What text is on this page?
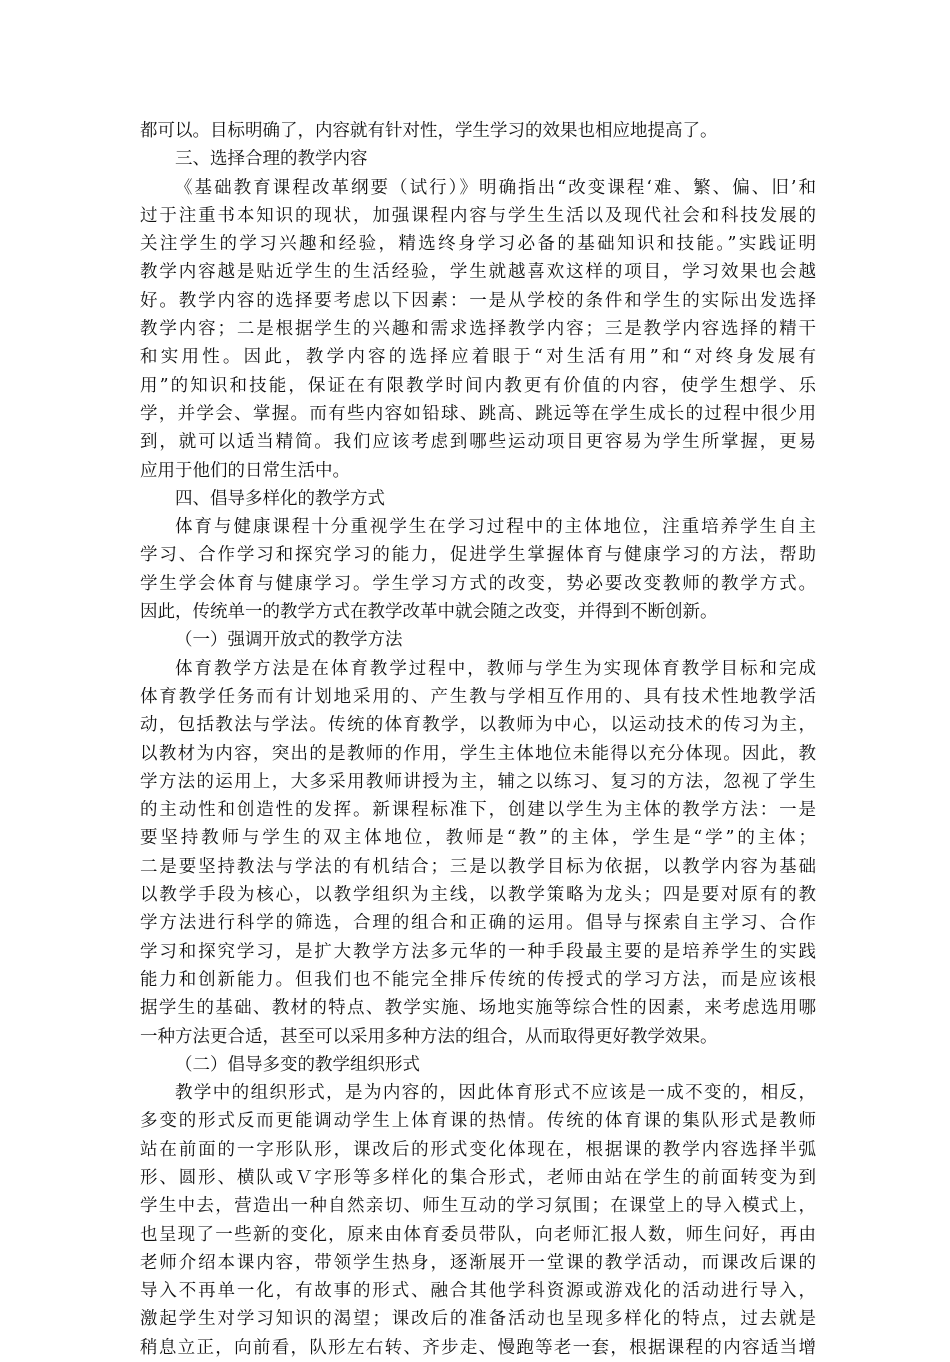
都可以。目标明确了，内容就有针对性，学生学习的效果也相应地提高了。
三、选择合理的教学内容
《基础教育课程改革纲要（试行）》明确指出“改变课程‘难、繁、偏、旧’和
过于注重书本知识的现状，加强课程内容与学生生活以及现代社会和科技发展的
关注学生的学习兴趣和经验，精选终身学习必备的基础知识和技能。”实践证明
教学内容越是贴近学生的生活经验，学生就越喜欢这样的项目，学习效果也会越
好。教学内容的选择要考虑以下因素：一是从学校的条件和学生的实际出发选择
教学内容；二是根据学生的兴趣和需求选择教学内容；三是教学内容选择的精干
和实用性。因此，教学内容的选择应着眼于“对生活有用”和“对终身发展有
用”的知识和技能，保证在有限教学时间内教更有价值的内容，使学生想学、乐
学，并学会、掌握。而有些内容如铅球、跳高、跳远等在学生成长的过程中很少用
到，就可以适当精简。我们应该考虑到哪些运动项目更容易为学生所掌握，更易
应用于他们的日常生活中。
四、倡导多样化的教学方式
体育与健康课程十分重视学生在学习过程中的主体地位，注重培养学生自主
学习、合作学习和探究学习的能力，促进学生掌握体育与健康学习的方法，帮助
学生学会体育与健康学习。学生学习方式的改变，势必要改变教师的教学方式。
因此，传统单一的教学方式在教学改革中就会随之改变，并得到不断创新。
（一）强调开放式的教学方法
体育教学方法是在体育教学过程中，教师与学生为实现体育教学目标和完成
体育教学任务而有计划地采用的、产生教与学相互作用的、具有技术性地教学活
动，包括教法与学法。传统的体育教学，以教师为中心，以运动技术的传习为主，
以教材为内容，突出的是教师的作用，学生主体地位未能得以充分体现。因此，教
学方法的运用上，大多采用教师讲授为主，辅之以练习、复习的方法，忽视了学生
的主动性和创造性的发挥。新课程标准下，创建以学生为主体的教学方法：一是
要坚持教师与学生的双主体地位，教师是“教”的主体，学生是“学”的主体；
二是要坚持教法与学法的有机结合；三是以教学目标为依据，以教学内容为基础
以教学手段为核心，以教学组织为主线，以教学策略为龙头；四是要对原有的教
学方法进行科学的筛选，合理的组合和正确的运用。倡导与探索自主学习、合作
学习和探究学习，是扩大教学方法多元华的一种手段最主要的是培养学生的实践
能力和创新能力。但我们也不能完全排斥传统的传授式的学习方法，而是应该根
据学生的基础、教材的特点、教学实施、场地实施等综合性的因素，来考虑选用哪
一种方法更合适，甚至可以采用多种方法的组合，从而取得更好教学效果。
（二）倡导多变的教学组织形式
教学中的组织形式，是为内容的，因此体育形式不应该是一成不变的，相反，
多变的形式反而更能调动学生上体育课的热情。传统的体育课的集队形式是教师
站在前面的一字形队形，课改后的形式变化体现在，根据课的教学内容选择半弧
形、圆形、横队或Ｖ字形等多样化的集合形式，老师由站在学生的前面转变为到
学生中去，营造出一种自然亲切、师生互动的学习氛围；在课堂上的导入模式上，
也呈现了一些新的变化，原来由体育委员带队，向老师汇报人数，师生问好，再由
老师介绍本课内容，带领学生热身，逐渐展开一堂课的教学活动，而课改后课的
导入不再单一化，有故事的形式、融合其他学科资源或游戏化的活动进行导入，
激起学生对学习知识的渴望；课改后的准备活动也呈现多样化的特点，过去就是
稍息立正，向前看，队形左右转、齐步走、慢跑等老一套，根据课程的内容适当增
